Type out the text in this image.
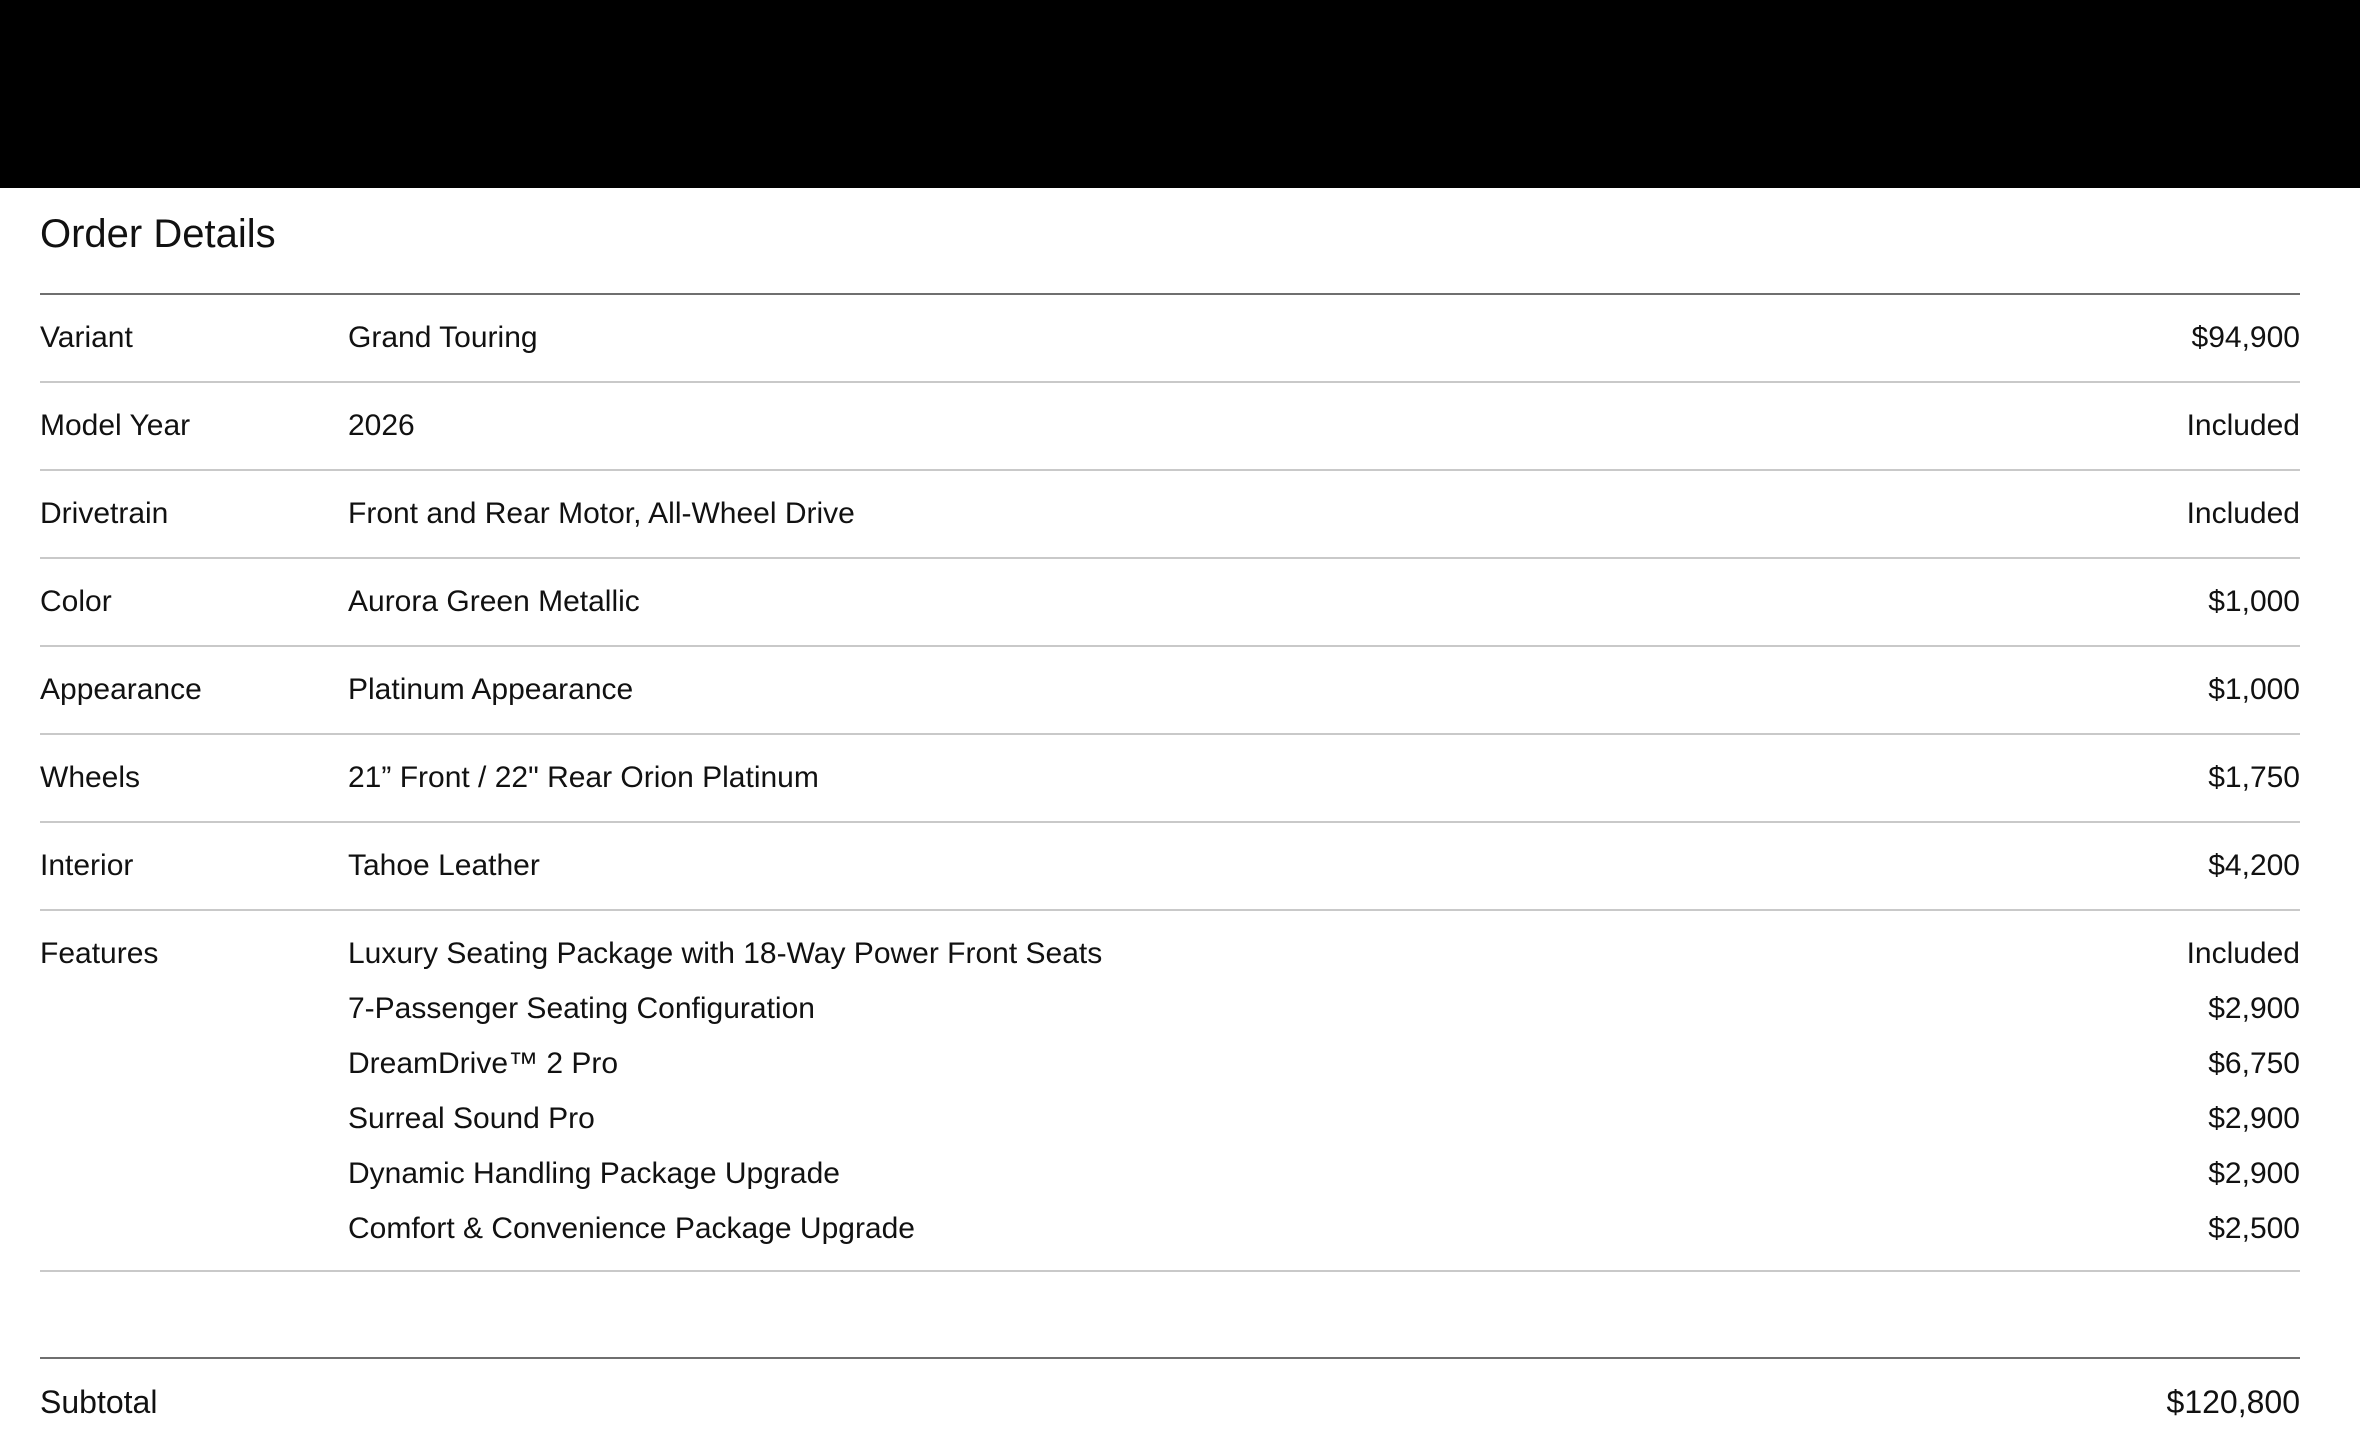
Order Details
Variant	Grand Touring	$94,900
Model Year	2026	Included
Drivetrain	Front and Rear Motor, All-Wheel Drive	Included
Color	Aurora Green Metallic	$1,000
Appearance	Platinum Appearance	$1,000
Wheels	21” Front / 22" Rear Orion Platinum	$1,750
Interior	Tahoe Leather	$4,200
Features	Luxury Seating Package with 18-Way Power Front Seats	Included
7-Passenger Seating Configuration	$2,900
DreamDrive™ 2 Pro	$6,750
Surreal Sound Pro	$2,900
Dynamic Handling Package Upgrade	$2,900
Comfort & Convenience Package Upgrade	$2,500
Subtotal	$120,800
